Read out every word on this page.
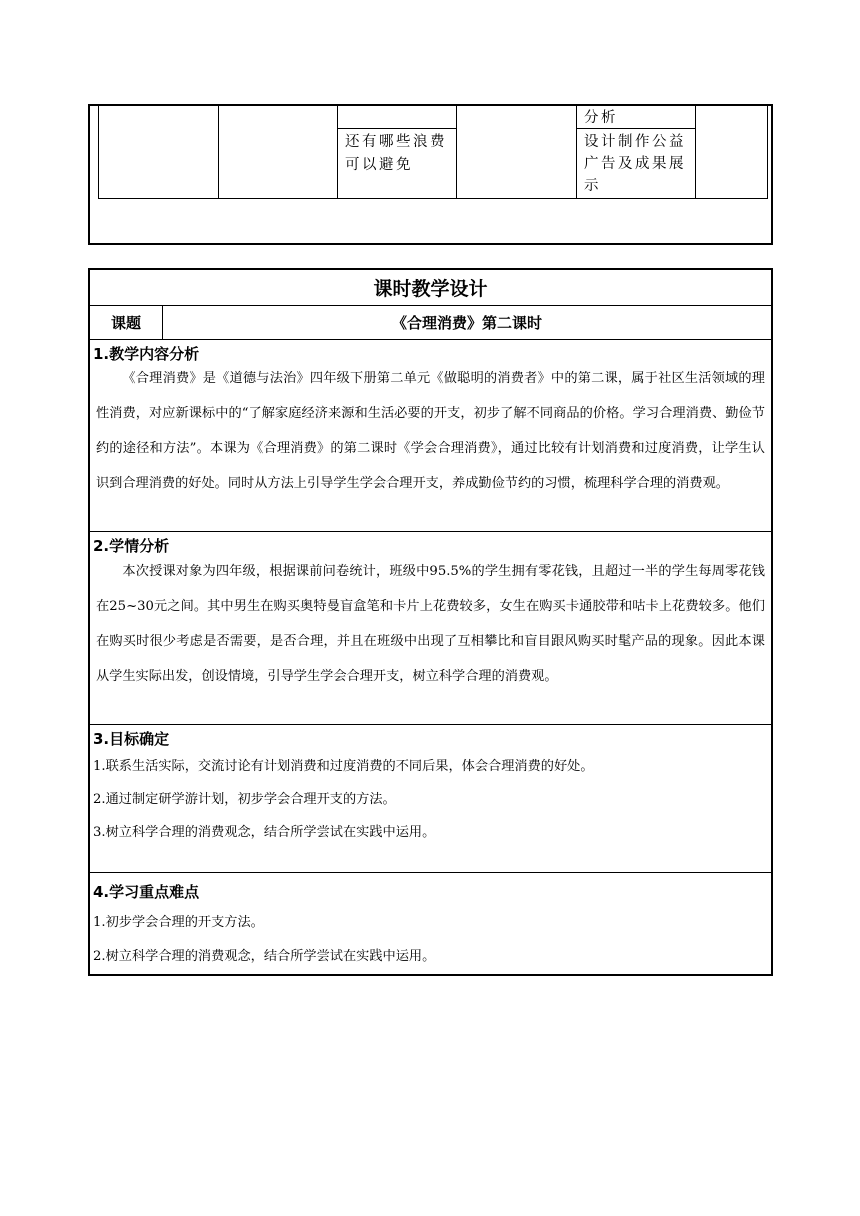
还有哪些浪费
可以避免
分析
设计制作公益
广告及成果展
示
课时教学设计
课题	《合理消费》第二课时
1.教学内容分析
《合理消费》是《道德与法治》四年级下册第二单元《做聪明的消费者》中的第二课，属于社区生活领域的理性消费，对应新课标中的“了解家庭经济来源和生活必要的开支，初步了解不同商品的价格。学习合理消费、勤俭节约的途径和方法”。本课为《合理消费》的第二课时《学会合理消费》，通过比较有计划消费和过度消费，让学生认识到合理消费的好处。同时从方法上引导学生学会合理开支，养成勤俭节约的习惯，梳理科学合理的消费观。
2.学情分析
本次授课对象为四年级，根据课前问卷统计，班级中95.5%的学生拥有零花钱，且超过一半的学生每周零花钱在25~30元之间。其中男生在购买奥特曼盲盒笔和卡片上花费较多，女生在购买卡通胶带和咕卡上花费较多。他们在购买时很少考虑是否需要，是否合理，并且在班级中出现了互相攀比和盲目跟风购买时髦产品的现象。因此本课从学生实际出发，创设情境，引导学生学会合理开支，树立科学合理的消费观。
3.目标确定
1.联系生活实际，交流讨论有计划消费和过度消费的不同后果，体会合理消费的好处。
2.通过制定研学游计划，初步学会合理开支的方法。
3.树立科学合理的消费观念，结合所学尝试在实践中运用。
4.学习重点难点
1.初步学会合理的开支方法。
2.树立科学合理的消费观念，结合所学尝试在实践中运用。
